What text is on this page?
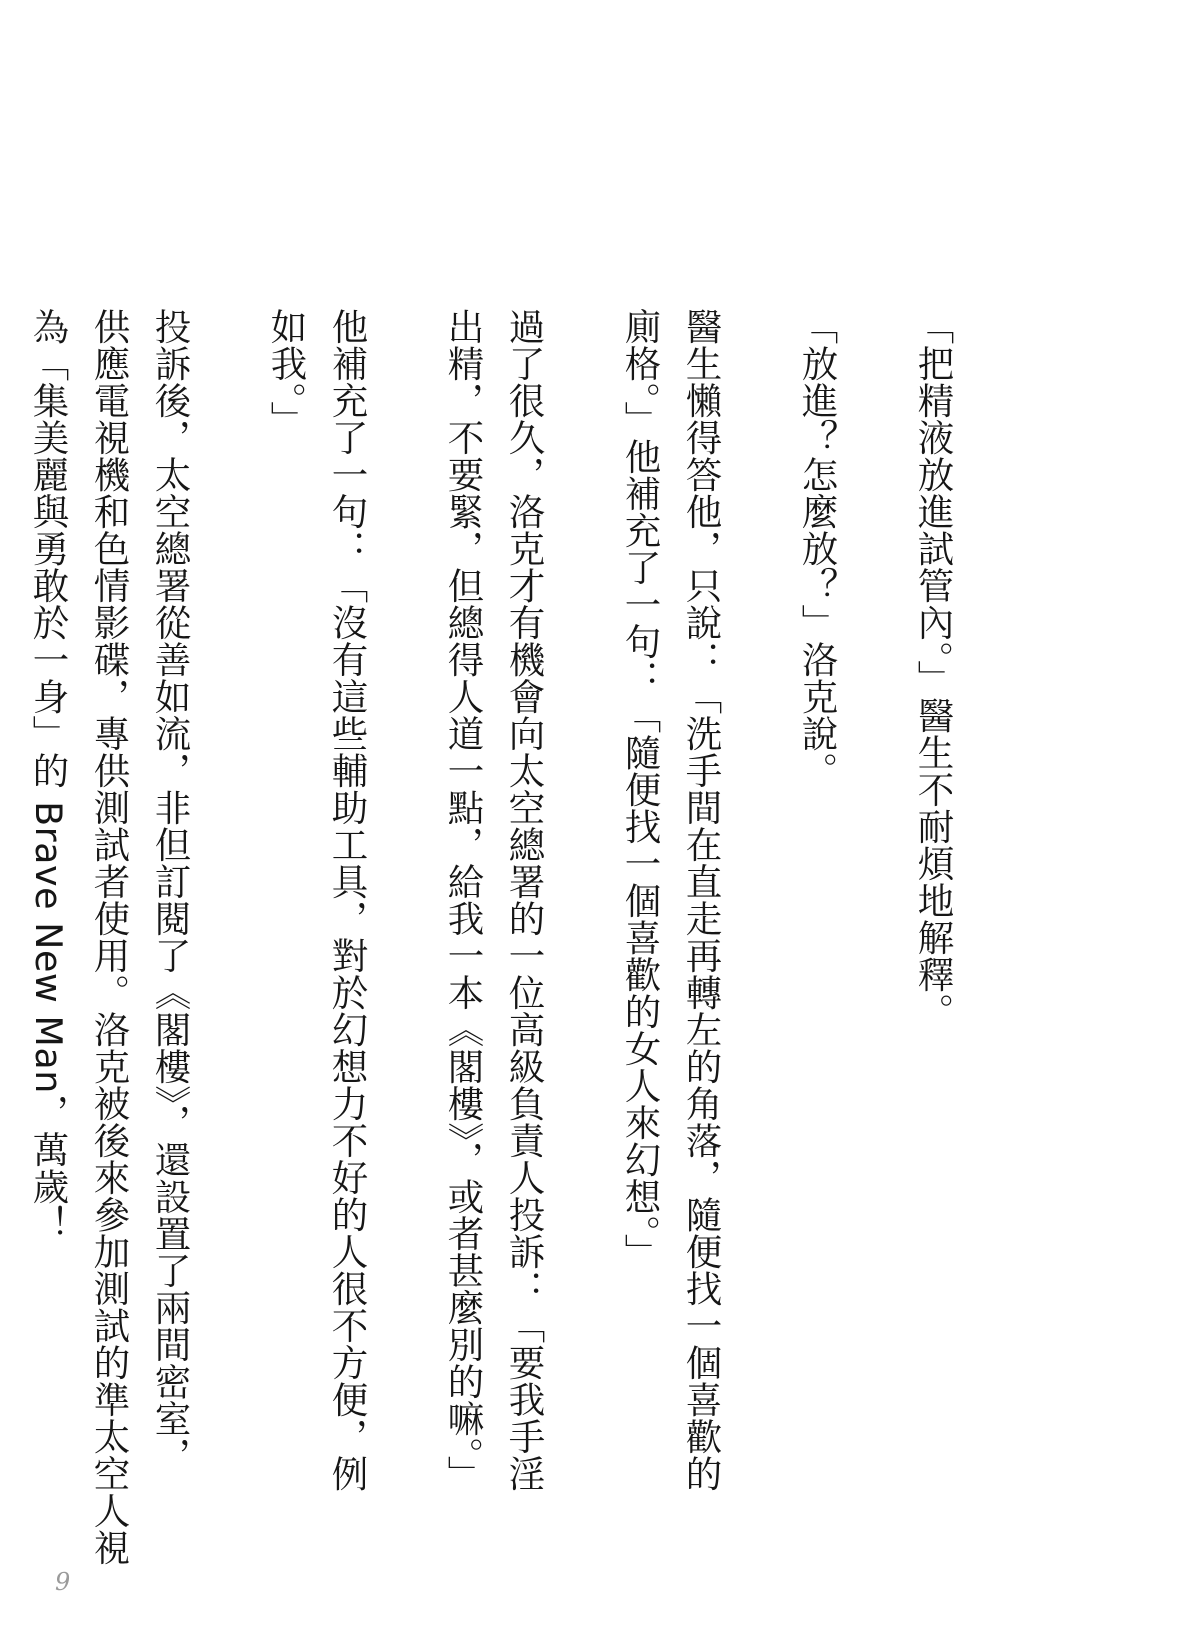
「把精液放進試管內。」醫生不耐煩地解釋。
「放進？怎麼放？」洛克說。
醫生懶得答他，只說：「洗手間在直走再轉左的角落，隨便找一個喜歡的
廁格。」他補充了一句：「隨便找一個喜歡的女人來幻想。」
過了很久，洛克才有機會向太空總署的一位高級負責人投訴：「要我手淫
出精，不要緊，但總得人道一點，給我一本《閣樓》，或者甚麼別的嘛。」
他補充了一句：「沒有這些輔助工具，對於幻想力不好的人很不方便，例
如我。」
投訴後，太空總署從善如流，非但訂閱了《閣樓》，還設置了兩間密室，
供應電視機和色情影碟，專供測試者使用。洛克被後來參加測試的準太空人視
為「集美麗與勇敢於一身」的 Brave New Man，萬歲！
9
